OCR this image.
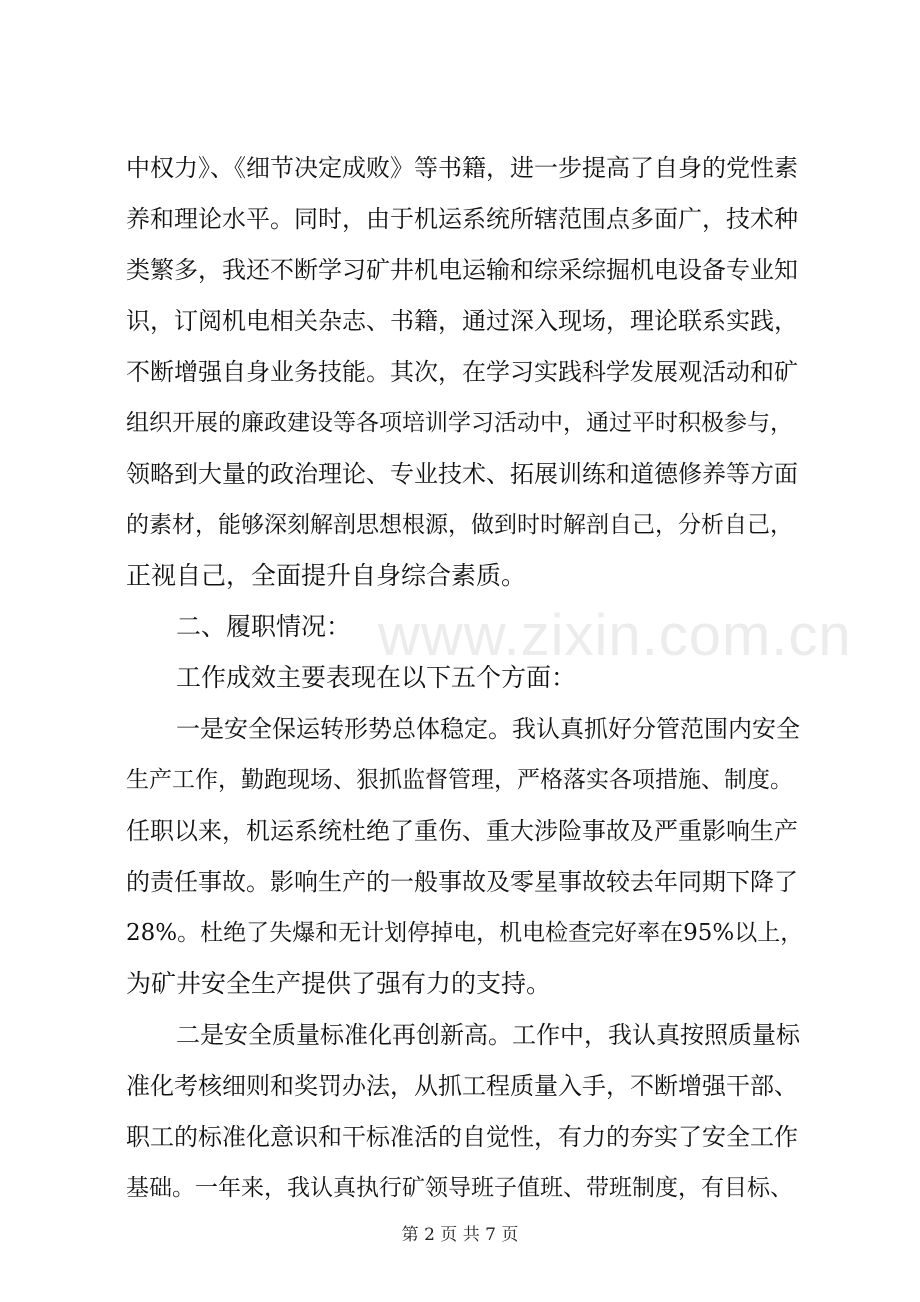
www.zixin.com.cn
中权力》、《细节决定成败》等书籍，进一步提高了自身的党性素
养和理论水平。同时，由于机运系统所辖范围点多面广，技术种
类繁多，我还不断学习矿井机电运输和综采综掘机电设备专业知
识，订阅机电相关杂志、书籍，通过深入现场，理论联系实践，
不断增强自身业务技能。其次，在学习实践科学发展观活动和矿
组织开展的廉政建设等各项培训学习活动中，通过平时积极参与，
领略到大量的政治理论、专业技术、拓展训练和道德修养等方面
的素材，能够深刻解剖思想根源，做到时时解剖自己，分析自己，
正视自己，全面提升自身综合素质。
二、履职情况：
工作成效主要表现在以下五个方面：
一是安全保运转形势总体稳定。我认真抓好分管范围内安全
生产工作，勤跑现场、狠抓监督管理，严格落实各项措施、制度。
任职以来，机运系统杜绝了重伤、重大涉险事故及严重影响生产
的责任事故。影响生产的一般事故及零星事故较去年同期下降了
28%。杜绝了失爆和无计划停掉电，机电检查完好率在95%以上，
为矿井安全生产提供了强有力的支持。
二是安全质量标准化再创新高。工作中，我认真按照质量标
准化考核细则和奖罚办法，从抓工程质量入手，不断增强干部、
职工的标准化意识和干标准活的自觉性，有力的夯实了安全工作
基础。一年来，我认真执行矿领导班子值班、带班制度，有目标、
第 2 页 共 7 页
